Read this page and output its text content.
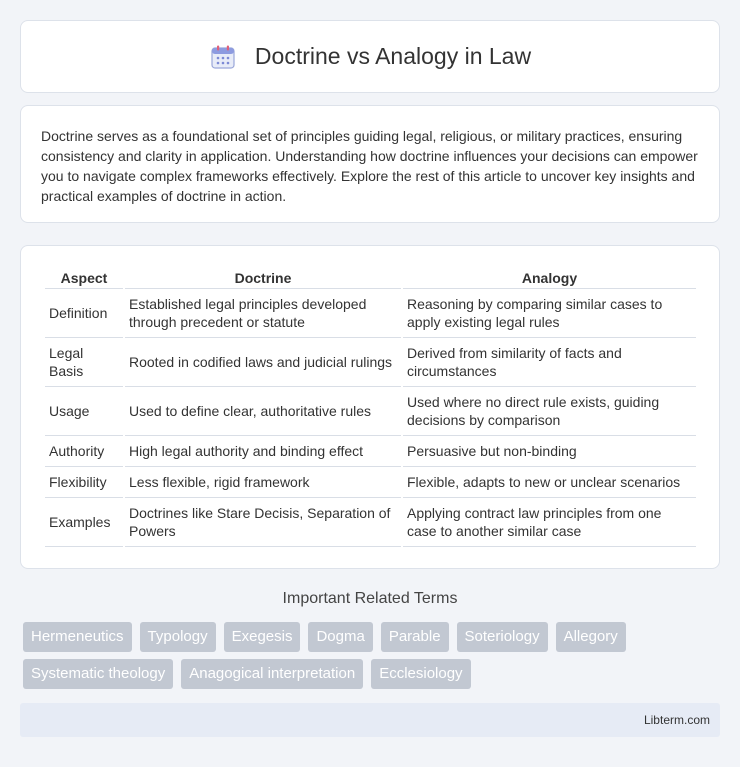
Doctrine vs Analogy in Law

Doctrine serves as a foundational set of principles guiding legal, religious, or military practices, ensuring consistency and clarity in application. Understanding how doctrine influences your decisions can empower you to navigate complex frameworks effectively. Explore the rest of this article to uncover key insights and practical examples of doctrine in action.

Aspect	Doctrine	Analogy
Definition	Established legal principles developed through precedent or statute	Reasoning by comparing similar cases to apply existing legal rules
Legal Basis	Rooted in codified laws and judicial rulings	Derived from similarity of facts and circumstances
Usage	Used to define clear, authoritative rules	Used where no direct rule exists, guiding decisions by comparison
Authority	High legal authority and binding effect	Persuasive but non-binding
Flexibility	Less flexible, rigid framework	Flexible, adapts to new or unclear scenarios
Examples	Doctrines like Stare Decisis, Separation of Powers	Applying contract law principles from one case to another similar case
Important Related Terms
Hermeneutics	Typology	Exegesis	Dogma	Parable	Soteriology	Allegory
Systematic theology	Anagogical interpretation	Ecclesiology
Libterm.com
